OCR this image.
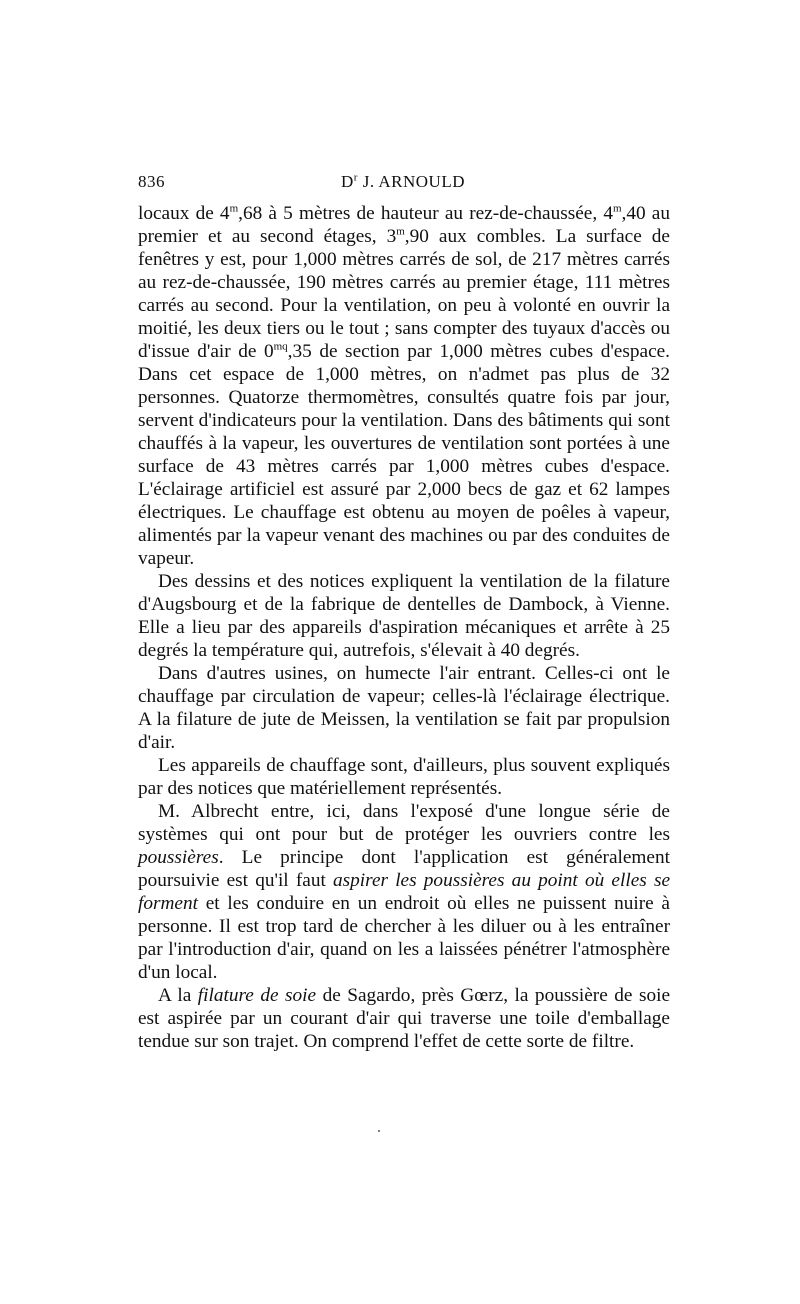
836	$D^r$ J. ARNOULD

locaux de 4$^m$,68 à 5 mètres de hauteur au rez-de-chaussée, 4$^m$,40 au premier et au second étages, 3$^m$,90 aux combles. La surface de fenêtres y est, pour 1,000 mètres carrés de sol, de 217 mètres carrés au rez-de-chaussée, 190 mètres carrés au premier étage, 111 mètres carrés au second. Pour la ventilation, on peu à volonté en ouvrir la moitié, les deux tiers ou le tout ; sans compter des tuyaux d'accès ou d'issue d'air de $0^{mq},35$ de section par 1,000 mètres cubes d'espace. Dans cet espace de 1,000 mètres, on n'admet pas plus de 32 personnes. Quatorze thermomètres, consultés quatre fois par jour, servent d'indicateurs pour la ventilation. Dans des bâtiments qui sont chauffés à la vapeur, les ouvertures de ventilation sont portées à une surface de 43 mètres carrés par 1,000 mètres cubes d'espace. L'éclairage artificiel est assuré par 2,000 becs de gaz et 62 lampes électriques. Le chauffage est obtenu au moyen de poêles à vapeur, alimentés par la vapeur venant des machines ou par des conduites de vapeur.

Des dessins et des notices expliquent la ventilation de la filature d'Augsbourg et de la fabrique de dentelles de Dambock, à Vienne. Elle a lieu par des appareils d'aspiration mécaniques et arrête à 25 degrés la température qui, autrefois, s'élevait à 40 degrés.

Dans d'autres usines, on humecte l'air entrant. Celles-ci ont le chauffage par circulation de vapeur; celles-là l'éclairage électrique. A la filature de jute de Meissen, la ventilation se fait par propulsion d'air.

Les appareils de chauffage sont, d'ailleurs, plus souvent expliqués par des notices que matériellement représentés.

M. Albrecht entre, ici, dans l'exposé d'une longue série de systèmes qui ont pour but de protéger les ouvriers contre les poussières. Le principe dont l'application est généralement poursuivie est qu'il faut aspirer les poussières au point où elles se forment et les conduire en un endroit où elles ne puissent nuire à personne. Il est trop tard de chercher à les diluer ou à les entraîner par l'introduction d'air, quand on les a laissées pénétrer l'atmosphère d'un local.

A la filature de soie de Sagardo, près Gœrz, la poussière de soie est aspirée par un courant d'air qui traverse une toile d'emballage tendue sur son trajet. On comprend l'effet de cette sorte de filtre.
